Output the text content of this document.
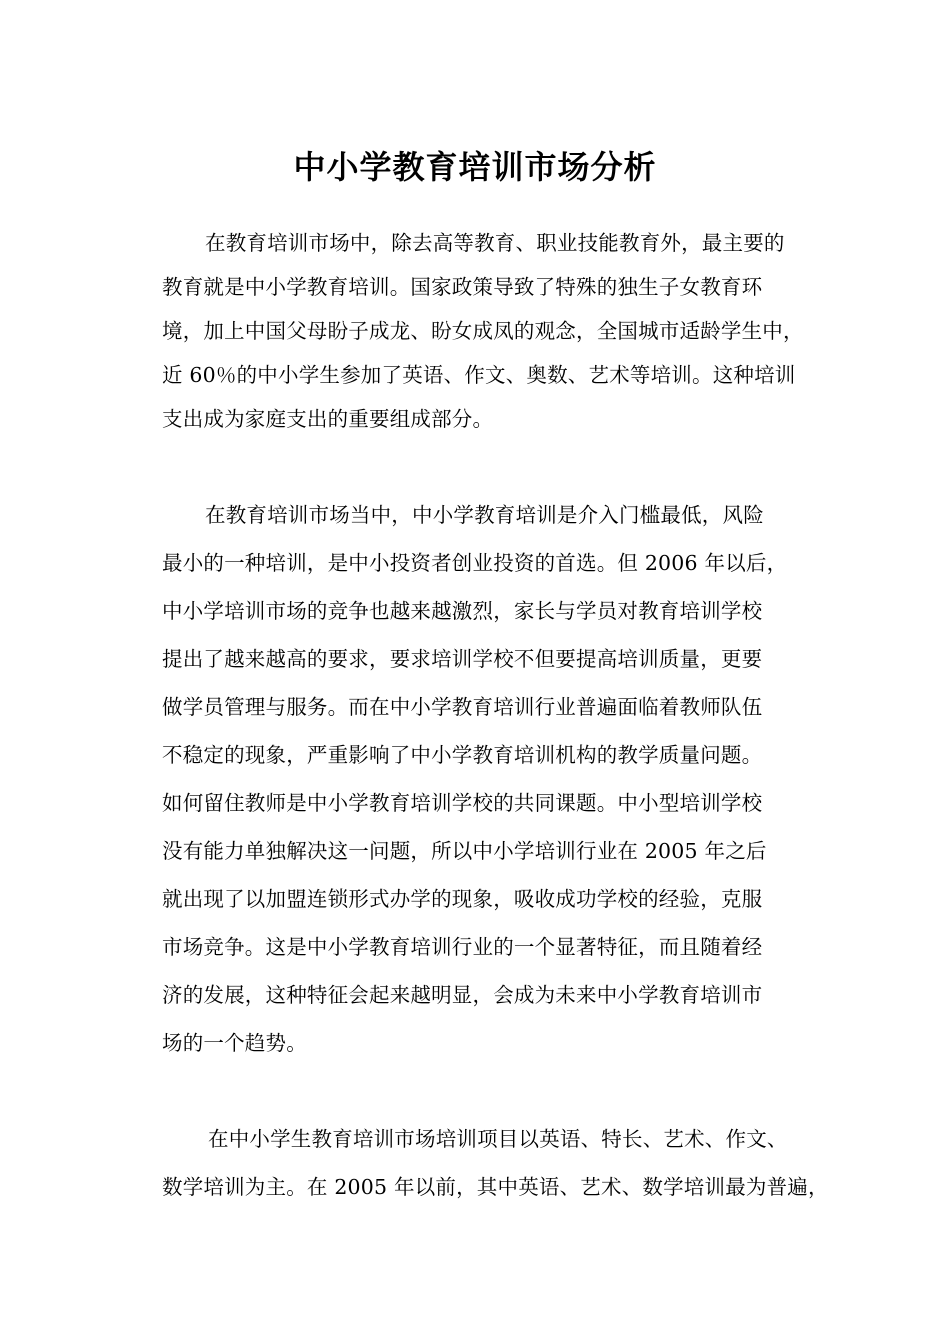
中小学教育培训市场分析
在教育培训市场中，除去高等教育、职业技能教育外，最主要的
教育就是中小学教育培训。国家政策导致了特殊的独生子女教育环
境，加上中国父母盼子成龙、盼女成凤的观念，全国城市适龄学生中，
近 60％的中小学生参加了英语、作文、奥数、艺术等培训。这种培训
支出成为家庭支出的重要组成部分。
在教育培训市场当中，中小学教育培训是介入门槛最低，风险
最小的一种培训，是中小投资者创业投资的首选。但 2006 年以后，
中小学培训市场的竞争也越来越激烈，家长与学员对教育培训学校
提出了越来越高的要求，要求培训学校不但要提高培训质量，更要
做学员管理与服务。而在中小学教育培训行业普遍面临着教师队伍
不稳定的现象，严重影响了中小学教育培训机构的教学质量问题。
如何留住教师是中小学教育培训学校的共同课题。中小型培训学校
没有能力单独解决这一问题，所以中小学培训行业在 2005 年之后
就出现了以加盟连锁形式办学的现象，吸收成功学校的经验，克服
市场竞争。这是中小学教育培训行业的一个显著特征，而且随着经
济的发展，这种特征会起来越明显，会成为未来中小学教育培训市
场的一个趋势。
在中小学生教育培训市场培训项目以英语、特长、艺术、作文、
数学培训为主。在 2005 年以前，其中英语、艺术、数学培训最为普遍，
